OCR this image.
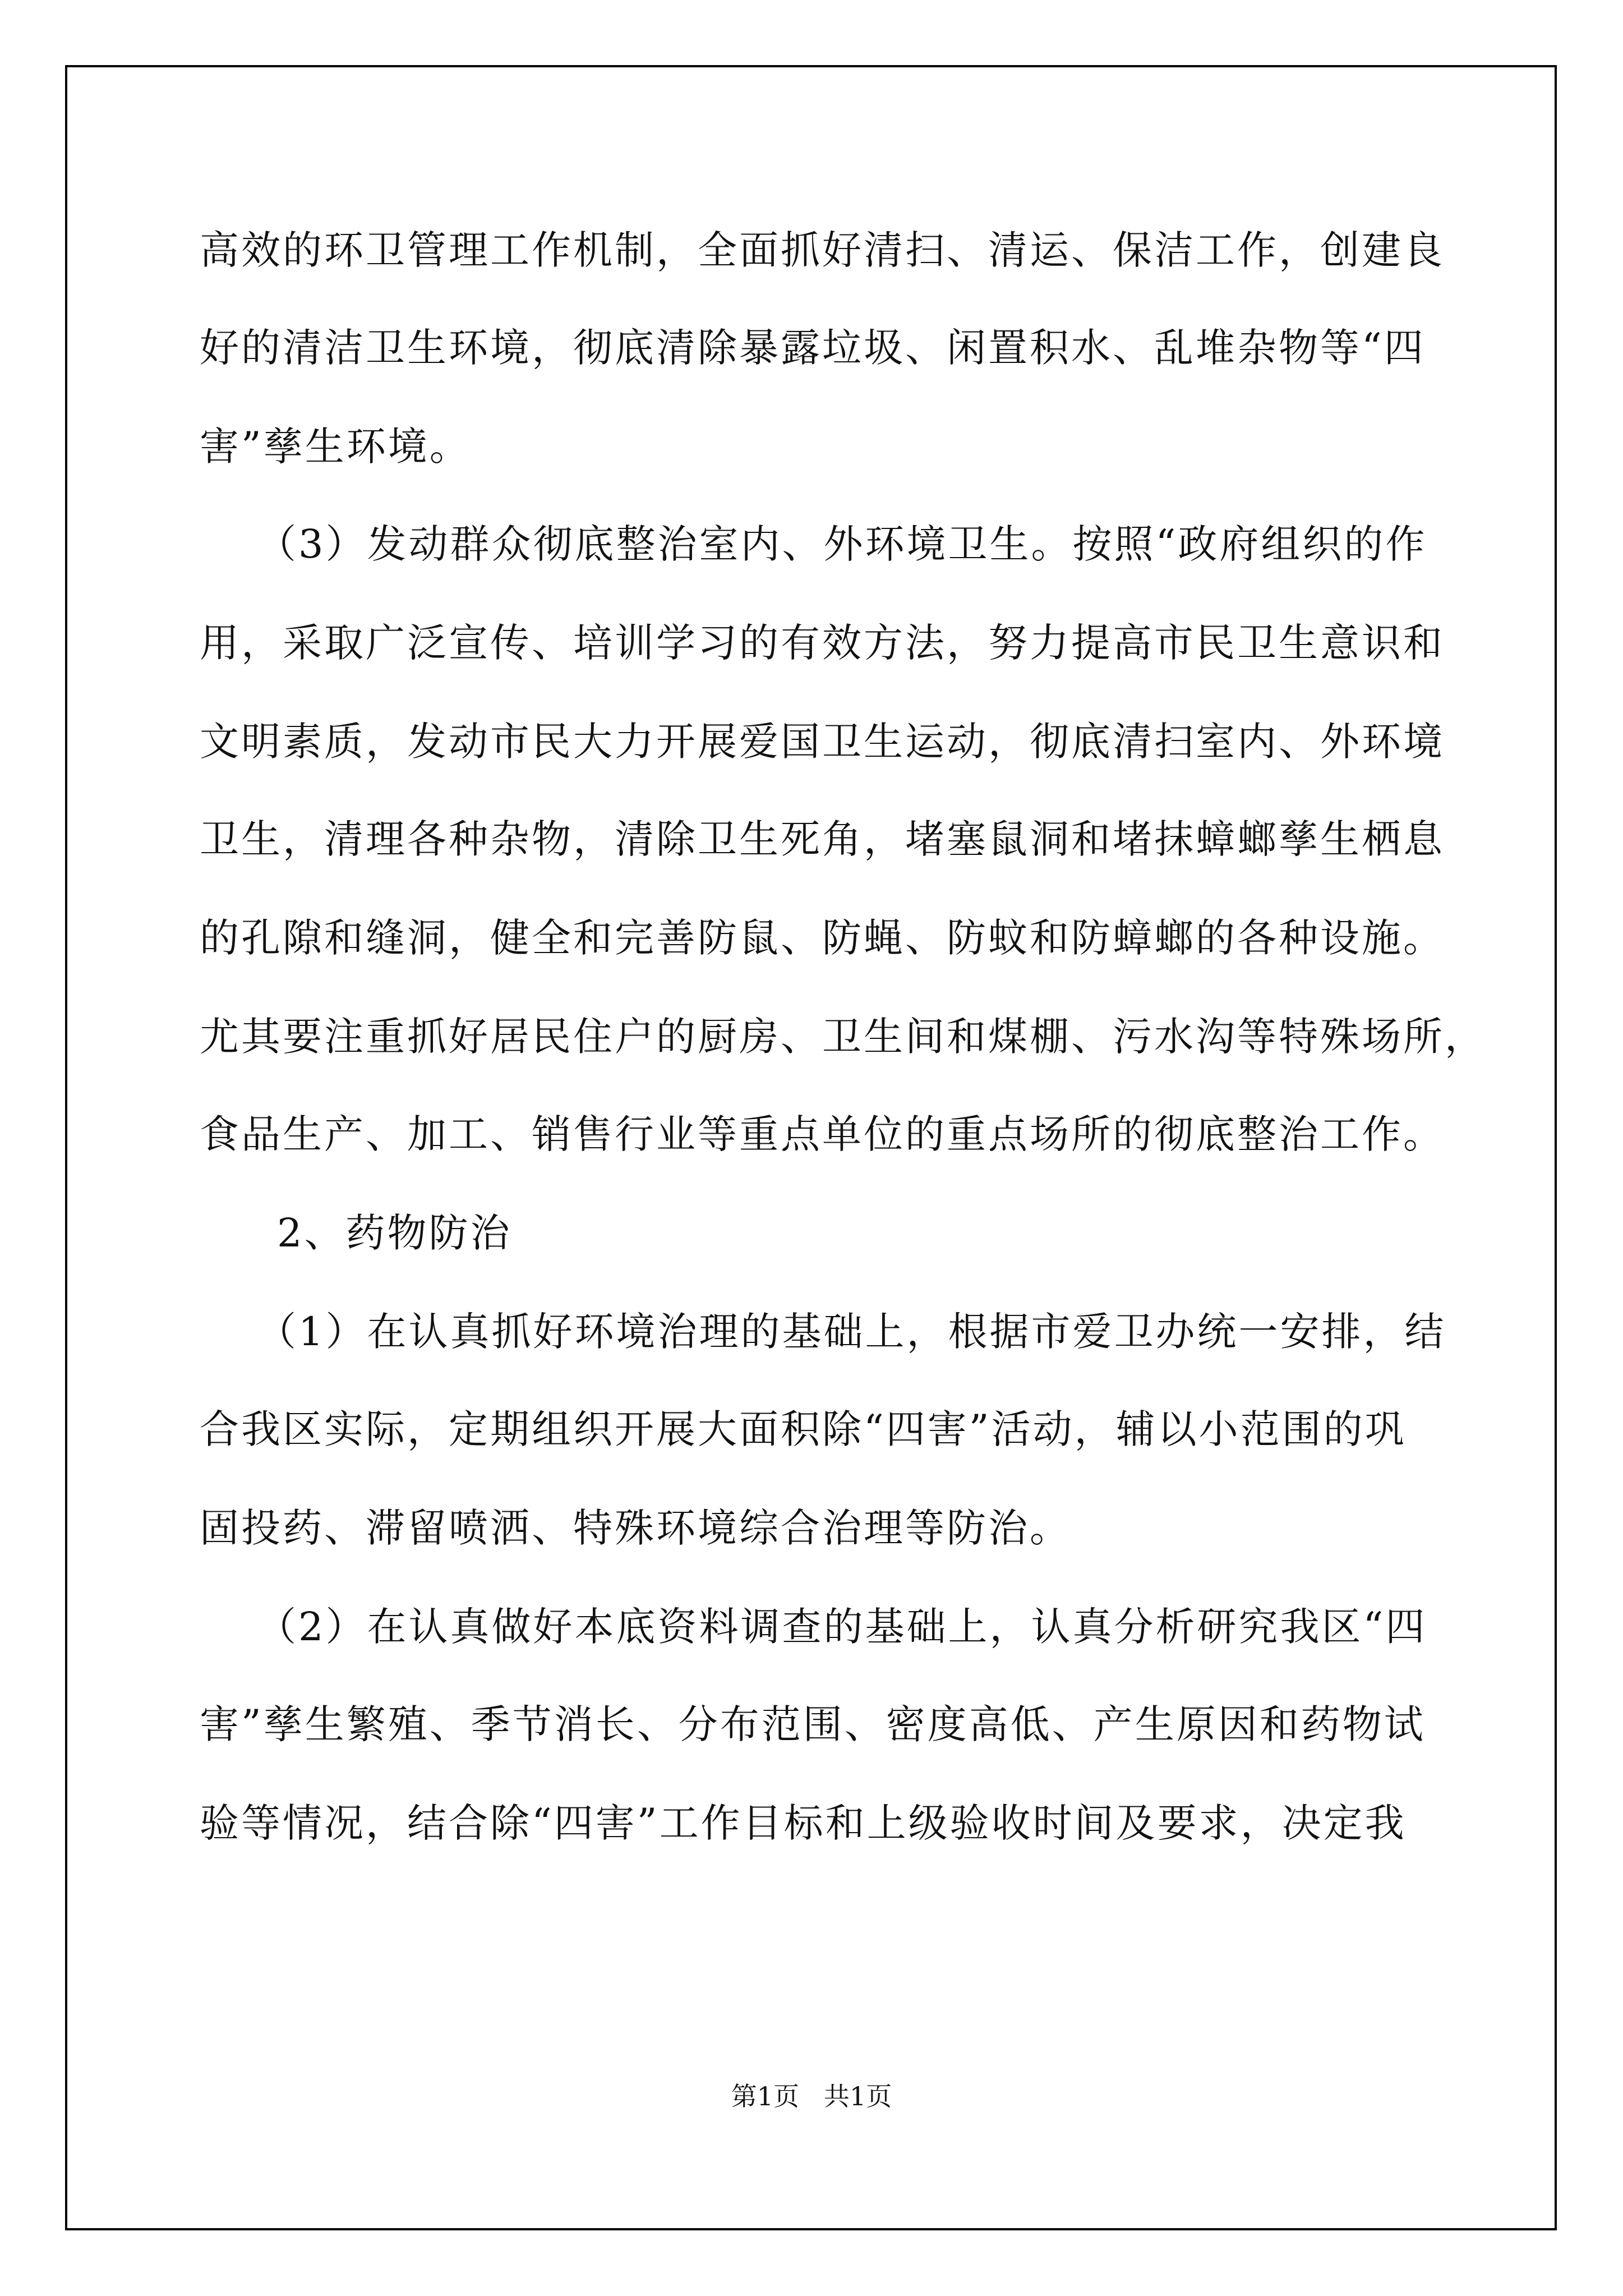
高效的环卫管理工作机制，全面抓好清扫、清运、保洁工作，创建良
好的清洁卫生环境，彻底清除暴露垃圾、闲置积水、乱堆杂物等“四
害”孳生环境。
（3）发动群众彻底整治室内、外环境卫生。按照“政府组织的作
用，采取广泛宣传、培训学习的有效方法，努力提高市民卫生意识和
文明素质，发动市民大力开展爱国卫生运动，彻底清扫室内、外环境
卫生，清理各种杂物，清除卫生死角，堵塞鼠洞和堵抹蟑螂孳生栖息
的孔隙和缝洞，健全和完善防鼠、防蝇、防蚊和防蟑螂的各种设施。
尤其要注重抓好居民住户的厨房、卫生间和煤棚、污水沟等特殊场所，
食品生产、加工、销售行业等重点单位的重点场所的彻底整治工作。
2、药物防治
（1）在认真抓好环境治理的基础上，根据市爱卫办统一安排，结
合我区实际，定期组织开展大面积除“四害”活动，辅以小范围的巩
固投药、滞留喷洒、特殊环境综合治理等防治。
（2）在认真做好本底资料调查的基础上，认真分析研究我区“四
害”孳生繁殖、季节消长、分布范围、密度高低、产生原因和药物试
验等情况，结合除“四害”工作目标和上级验收时间及要求，决定我
第1页   共1页
